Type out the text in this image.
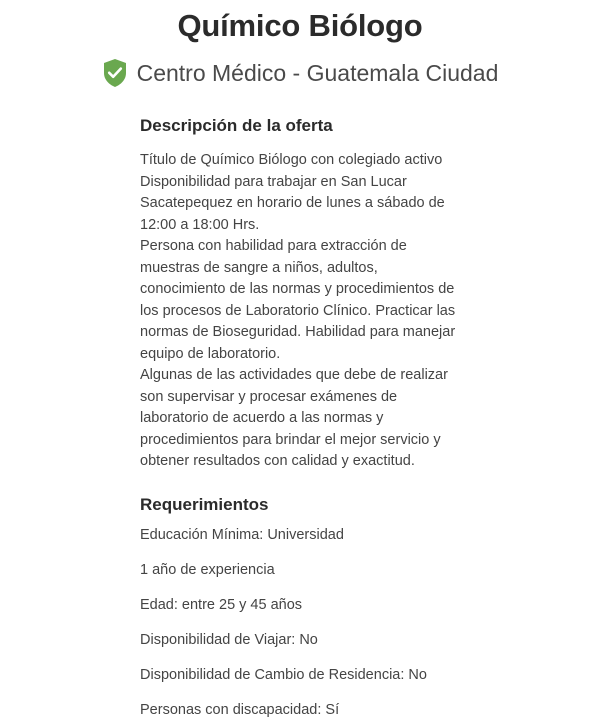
Químico Biólogo
Centro Médico - Guatemala Ciudad
Descripción de la oferta

Título de Químico Biólogo con colegiado activo Disponibilidad para trabajar en San Lucar Sacatepequez en horario de lunes a sábado de 12:00 a 18:00 Hrs.

Persona con habilidad para extracción de muestras de sangre a niños, adultos, conocimiento de las normas y procedimientos de los procesos de Laboratorio Clínico. Practicar las normas de Bioseguridad. Habilidad para manejar equipo de laboratorio.

Algunas de las actividades que debe de realizar son supervisar y procesar exámenes de laboratorio de acuerdo a las normas y procedimientos para brindar el mejor servicio y obtener resultados con calidad y exactitud.

Requerimientos
Educación Mínima: Universidad
1 año de experiencia
Edad: entre 25 y 45 años
Disponibilidad de Viajar: No
Disponibilidad de Cambio de Residencia: No
Personas con discapacidad: Sí
